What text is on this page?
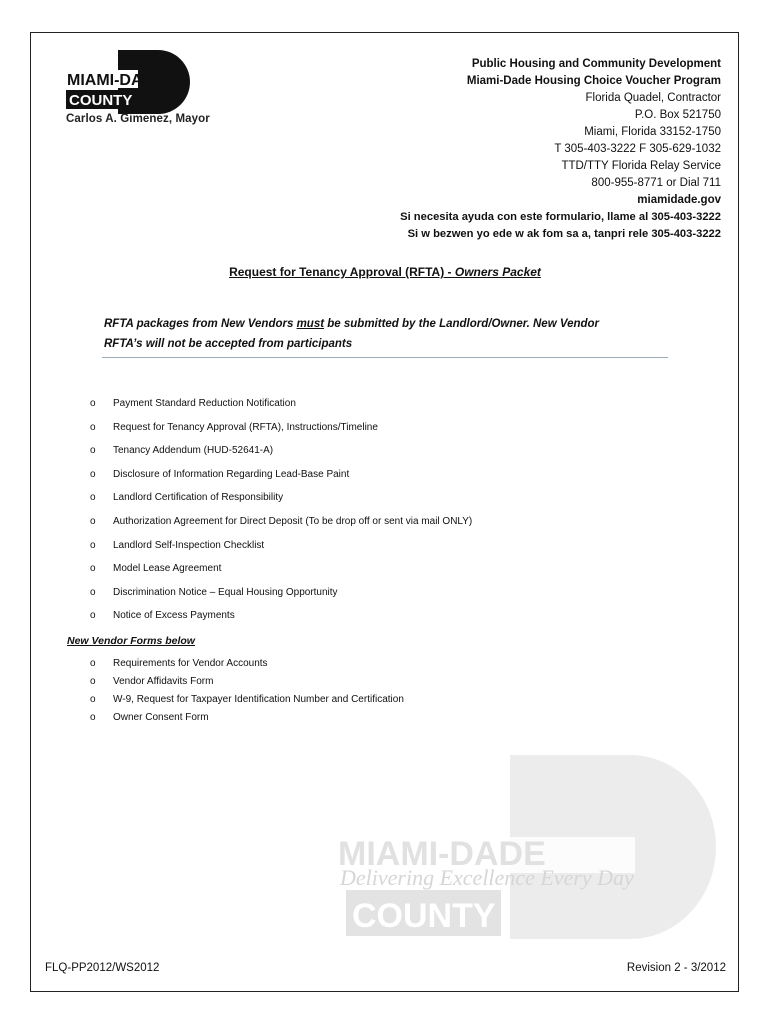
MIAMI-DADE
COUNTY
Carlos A. Gimenez, Mayor
Public Housing and Community Development
Miami-Dade Housing Choice Voucher Program
Florida Quadel, Contractor
P.O. Box 521750
Miami, Florida 33152-1750
T 305-403-3222 F 305-629-1032
TTD/TTY Florida Relay Service
800-955-8771 or Dial 711
miamidade.gov
Si necesita ayuda con este formulario, llame al 305-403-3222
Si w bezwen yo ede w ak fom sa a, tanpri rele 305-403-3222
Request for Tenancy Approval (RFTA) - Owners Packet
RFTA packages from New Vendors must be submitted by the Landlord/Owner. New Vendor
RFTA’s will not be accepted from participants
o Payment Standard Reduction Notification
o Request for Tenancy Approval (RFTA), Instructions/Timeline
o Tenancy Addendum (HUD-52641-A)
o Disclosure of Information Regarding Lead-Base Paint
o Landlord Certification of Responsibility
o Authorization Agreement for Direct Deposit (To be drop off or sent via mail ONLY)
o Landlord Self-Inspection Checklist
o Model Lease Agreement
o Discrimination Notice – Equal Housing Opportunity
o Notice of Excess Payments
New Vendor Forms below
o Requirements for Vendor Accounts
o Vendor Affidavits Form
o W-9, Request for Taxpayer Identification Number and Certification
o Owner Consent Form
MIAMI-DADE
Delivering Excellence Every Day
COUNTY
FLQ-PP2012/WS2012	Revision 2 - 3/2012
